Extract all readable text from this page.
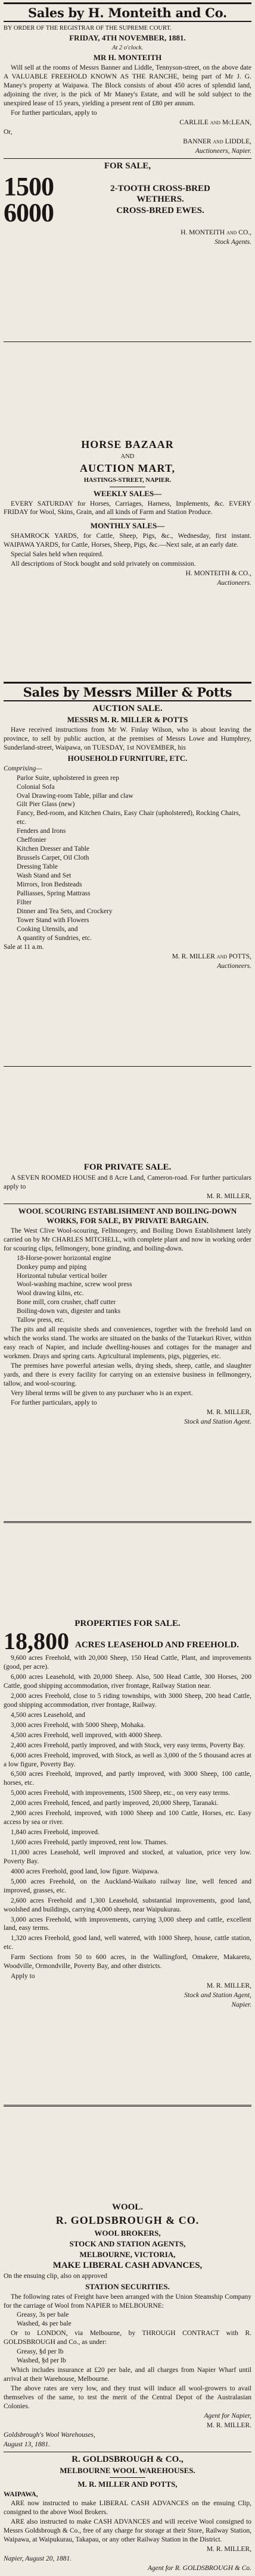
Sales by H. Monteith and Co.
BY ORDER OF THE REGISTRAR OF THE SUPREME COURT.
FRIDAY, 4TH NOVEMBER, 1881.
At 2 o'clock.
MR H. MONTEITH
Will sell at the rooms of Messrs Banner and Liddle, Tennyson-street, on the above date A VALUABLE FREEHOLD KNOWN AS THE RANCHE, being part of Mr J. G. Maney's property at Waipawa. The Block consists of about 450 acres of splendid land, adjoining the river, is the pick of Mr Maney's Estate, and will be sold subject to the unexpired lease of 15 years, yielding a present rent of £80 per annum.
For further particulars, apply to
CARLILE and McLEAN,
Or,
BANNER and LIDDLE,
Auctioneers, Napier.
FOR SALE,
1500
6000
2-TOOTH CROSS-BRED
WETHERS.
CROSS-BRED EWES.
H. MONTEITH and CO.,
Stock Agents.
HORSE BAZAAR
AND
AUCTION MART,
HASTINGS-STREET, NAPIER.
WEEKLY SALES—
EVERY SATURDAY for Horses, Carriages, Harness, Implements, &c. EVERY FRIDAY for Wool, Skins, Grain, and all kinds of Farm and Station Produce.
MONTHLY SALES—
SHAMROCK YARDS, for Cattle, Sheep, Pigs, &c., Wednesday, first instant. WAIPAWA YARDS, for Cattle, Horses, Sheep, Pigs, &c.—Next sale, at an early date.
Special Sales held when required.
All descriptions of Stock bought and sold privately on commission.
H. MONTEITH & CO.,
Auctioneers.
Sales by Messrs Miller & Potts
AUCTION SALE.
MESSRS M. R. MILLER & POTTS
Have received instructions from Mr W. Finlay Wilson, who is about leaving the province, to sell by public auction, at the premises of Messrs Lowe and Humphrey, Sunderland-street, Waipawa, on TUESDAY, 1st NOVEMBER, his
HOUSEHOLD FURNITURE, ETC.
Comprising—
Parlor Suite, upholstered in green rep
Colonial Sofa
Oval Drawing-room Table, pillar and claw
Gilt Pier Glass (new)
Fancy, Bed-room, and Kitchen Chairs, Easy Chair (upholstered), Rocking Chairs, etc.
Fenders and Irons
Cheffonier
Kitchen Dresser and Table
Brussels Carpet, Oil Cloth
Dressing Table
Wash Stand and Set
Mirrors, Iron Bedsteads
Palliasses, Spring Mattrass
Filter
Dinner and Tea Sets, and Crockery
Tower Stand with Flowers
Cooking Utensils, and
A quantity of Sundries, etc.
Sale at 11 a.m.
M. R. MILLER and POTTS,
Auctioneers.
FOR PRIVATE SALE.
A SEVEN ROOMED HOUSE and 8 Acre Land, Cameron-road. For further particulars apply to
M. R. MILLER,
WOOL SCOURING ESTABLISHMENT AND BOILING-DOWN WORKS, FOR SALE, BY PRIVATE BARGAIN.
The West Clive Wool-scouring, Fellmongery, and Boiling Down Establishment lately carried on by Mr CHARLES MITCHELL, with complete plant and now in working order for scouring clips, fellmongery, bone grinding, and boiling-down.
18-Horse-power horizontal engine
Donkey pump and piping
Horizontal tubular vertical boiler
Wool-washing machine, screw wool press
Wool drawing kilns, etc.
Bone mill, corn crusher, chaff cutter
Boiling-down vats, digester and tanks
Tallow press, etc.
The pits and all requisite sheds and conveniences, together with the freehold land on which the works stand. The works are situated on the banks of the Tutaekuri River, within easy reach of Napier, and include dwelling-houses and cottages for the manager and workmen. Drays and spring carts. Agricultural implements, pigs, piggeries, etc.
The premises have powerful artesian wells, drying sheds, sheep, cattle, and slaughter yards, and there is every facility for carrying on an extensive business in fellmongery, tallow, and wool-scouring.
Very liberal terms will be given to any purchaser who is an expert.
For further particulars, apply to
M. R. MILLER,
Stock and Station Agent.
PROPERTIES FOR SALE.
18,800 ACRES LEASEHOLD AND FREEHOLD.
9,600 acres Freehold, with 20,000 Sheep, 150 Head Cattle, Plant, and improvements (good, per acre).
6,000 acres Leasehold, with 20,000 Sheep. Also, 500 Head Cattle, 300 Horses, 200 Cattle, good shipping accommodation, river frontage, Railway Station near.
2,000 acres Freehold, close to 5 riding townships, with 3000 Sheep, 200 head Cattle, good shipping accommodation, river frontage, Railway.
4,500 acres Leasehold, and
3,000 acres Freehold, with 5000 Sheep, Mohaka.
4,500 acres Freehold, well improved, with 4000 Sheep.
2,400 acres Freehold, partly improved, and with Stock, very easy terms, Poverty Bay.
6,000 acres Freehold, improved, with Stock, as well as 3,000 of the 5 thousand acres at a low figure, Poverty Bay.
6,500 acres Freehold, improved, and partly improved, with 3000 Sheep, 100 cattle, horses, etc.
5,000 acres Freehold, with improvements, 1500 Sheep, etc., on very easy terms.
2,000 acres Freehold, fenced, and partly improved, 20,000 Sheep, Taranaki.
2,900 acres Freehold, improved, with 1000 Sheep and 100 Cattle, Horses, etc. Easy access by sea or river.
1,840 acres Freehold, improved.
1,600 acres Freehold, partly improved, rent low. Thames.
11,000 acres Leasehold, well improved and stocked, at valuation, price very low. Poverty Bay.
4000 acres Freehold, good land, low figure. Waipawa.
5,000 acres Freehold, on the Auckland-Waikato railway line, well fenced and improved, grasses, etc.
2,600 acres Freehold and 1,300 Leasehold, substantial improvements, good land, woolshed and buildings, carrying 4,000 sheep, near Waipukurau.
3,000 acres Freehold, with improvements, carrying 3,000 sheep and cattle, excellent land, easy terms.
1,320 acres Freehold, good land, well watered, with 1000 Sheep, house, cattle station, etc.
Farm Sections from 50 to 600 acres, in the Wallingford, Omakere, Makaretu, Woodville, Ormondville, Poverty Bay, and other districts.
Apply to
M. R. MILLER,
Stock and Station Agent,
Napier.
WOOL.
R. GOLDSBROUGH & CO.
WOOL BROKERS,
STOCK AND STATION AGENTS,
MELBOURNE, VICTORIA,
MAKE LIBERAL CASH ADVANCES,
On the ensuing clip, also on approved
STATION SECURITIES.
The following rates of Freight have been arranged with the Union Steamship Company for the carriage of Wool from NAPIER to MELBOURNE:
Greasy, 3s per bale
Washed, 4s per bale
Or to LONDON, via Melbourne, by THROUGH CONTRACT with R. GOLDSBROUGH and Co., as under:
Greasy, §d per lb
Washed, §d per lb
Which includes insurance at £20 per bale, and all charges from Napier Wharf until arrival at their Warehouse, Melbourne.
The above rates are very low, and they trust will induce all wool-growers to avail themselves of the same, to test the merit of the Central Depot of the Australasian Colonies.
Agent for Napier,
M. R. MILLER.
Goldsbrough's Wool Warehouses,
August 13, 1881.
R. GOLDSBROUGH & CO.,
MELBOURNE WOOL WAREHOUSES.
M. R. MILLER AND POTTS,
WAIPAWA,
ARE now instructed to make LIBERAL CASH ADVANCES on the ensuing Clip, consigned to the above Wool Brokers.
ARE also instructed to make CASH ADVANCES and will receive Wool consigned to Messrs Goldsbrough & Co., free of any charge for storage at their Store, Railway Station, Waipawa, at Waipukurau, Takapau, or any other Railway Station in the District.
M. R. MILLER,
Napier, August 20, 1881.
Agent for R. GOLDSBROUGH & Co.
